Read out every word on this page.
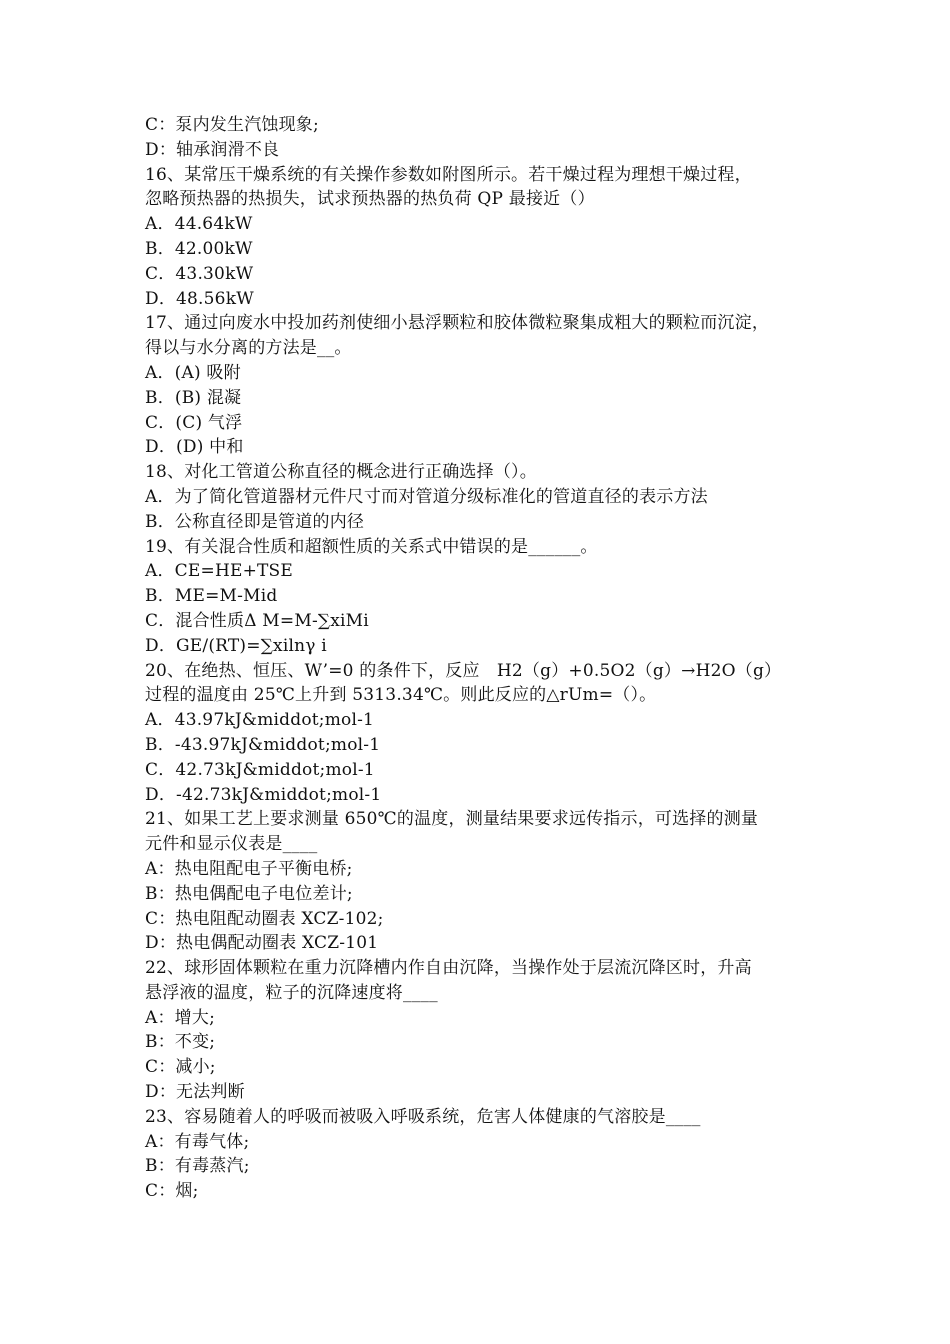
C：泵内发生汽蚀现象;
D：轴承润滑不良
16、某常压干燥系统的有关操作参数如附图所示。若干燥过程为理想干燥过程，
忽略预热器的热损失，试求预热器的热负荷 QP 最接近（）
A．44.64kW
B．42.00kW
C．43.30kW
D．48.56kW
17、通过向废水中投加药剂使细小悬浮颗粒和胶体微粒聚集成粗大的颗粒而沉淀，
得以与水分离的方法是__。
A．(A) 吸附
B．(B) 混凝
C．(C) 气浮
D．(D) 中和
18、对化工管道公称直径的概念进行正确选择（）。
A．为了简化管道器材元件尺寸而对管道分级标准化的管道直径的表示方法
B．公称直径即是管道的内径
19、有关混合性质和超额性质的关系式中错误的是______。
A．CE=HE+TSE
B．ME=M-Mid
C．混合性质Δ M=M-∑xiMi
D．GE/(RT)=∑xilnγ i
20、在绝热、恒压、W’=0 的条件下，反应　H2（g）+0.5O2（g）→H2O（g）
过程的温度由 25℃上升到 5313.34℃。则此反应的△rUm=（）。
A．43.97kJ&middot;mol-1
B．-43.97kJ&middot;mol-1
C．42.73kJ&middot;mol-1
D．-42.73kJ&middot;mol-1
21、如果工艺上要求测量 650℃的温度，测量结果要求远传指示，可选择的测量
元件和显示仪表是____
A：热电阻配电子平衡电桥;
B：热电偶配电子电位差计;
C：热电阻配动圈表 XCZ-102;
D：热电偶配动圈表 XCZ-101
22、球形固体颗粒在重力沉降槽内作自由沉降，当操作处于层流沉降区时，升高
悬浮液的温度，粒子的沉降速度将____
A：增大;
B：不变;
C：减小;
D：无法判断
23、容易随着人的呼吸而被吸入呼吸系统，危害人体健康的气溶胶是____
A：有毒气体;
B：有毒蒸汽;
C：烟;
